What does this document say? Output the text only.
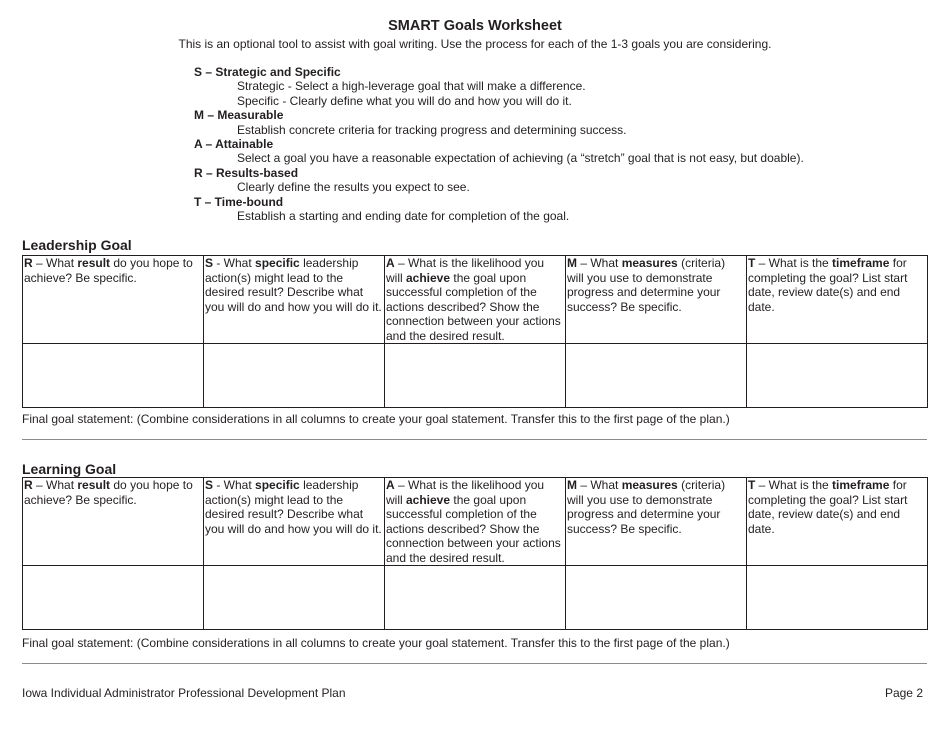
SMART Goals Worksheet
This is an optional tool to assist with goal writing. Use the process for each of the 1-3 goals you are considering.
S – Strategic and Specific
Strategic - Select a high-leverage goal that will make a difference.
Specific - Clearly define what you will do and how you will do it.
M – Measurable
Establish concrete criteria for tracking progress and determining success.
A – Attainable
Select a goal you have a reasonable expectation of achieving (a “stretch” goal that is not easy, but doable).
R – Results-based
Clearly define the results you expect to see.
T – Time-bound
Establish a starting and ending date for completion of the goal.
Leadership Goal
R – What result do you hope to achieve? Be specific.	S - What specific leadership action(s) might lead to the desired result? Describe what you will do and how you will do it.	A – What is the likelihood you will achieve the goal upon successful completion of the actions described? Show the connection between your actions and the desired result.	M – What measures (criteria) will you use to demonstrate progress and determine your success? Be specific.	T – What is the timeframe for completing the goal? List start date, review date(s) and end date.

Final goal statement: (Combine considerations in all columns to create your goal statement. Transfer this to the first page of the plan.)
Learning Goal
R – What result do you hope to achieve? Be specific.	S - What specific leadership action(s) might lead to the desired result? Describe what you will do and how you will do it.	A – What is the likelihood you will achieve the goal upon successful completion of the actions described? Show the connection between your actions and the desired result.	M – What measures (criteria) will you use to demonstrate progress and determine your success? Be specific.	T – What is the timeframe for completing the goal? List start date, review date(s) and end date.

Final goal statement: (Combine considerations in all columns to create your goal statement. Transfer this to the first page of the plan.)
Iowa Individual Administrator Professional Development Plan	Page 2
